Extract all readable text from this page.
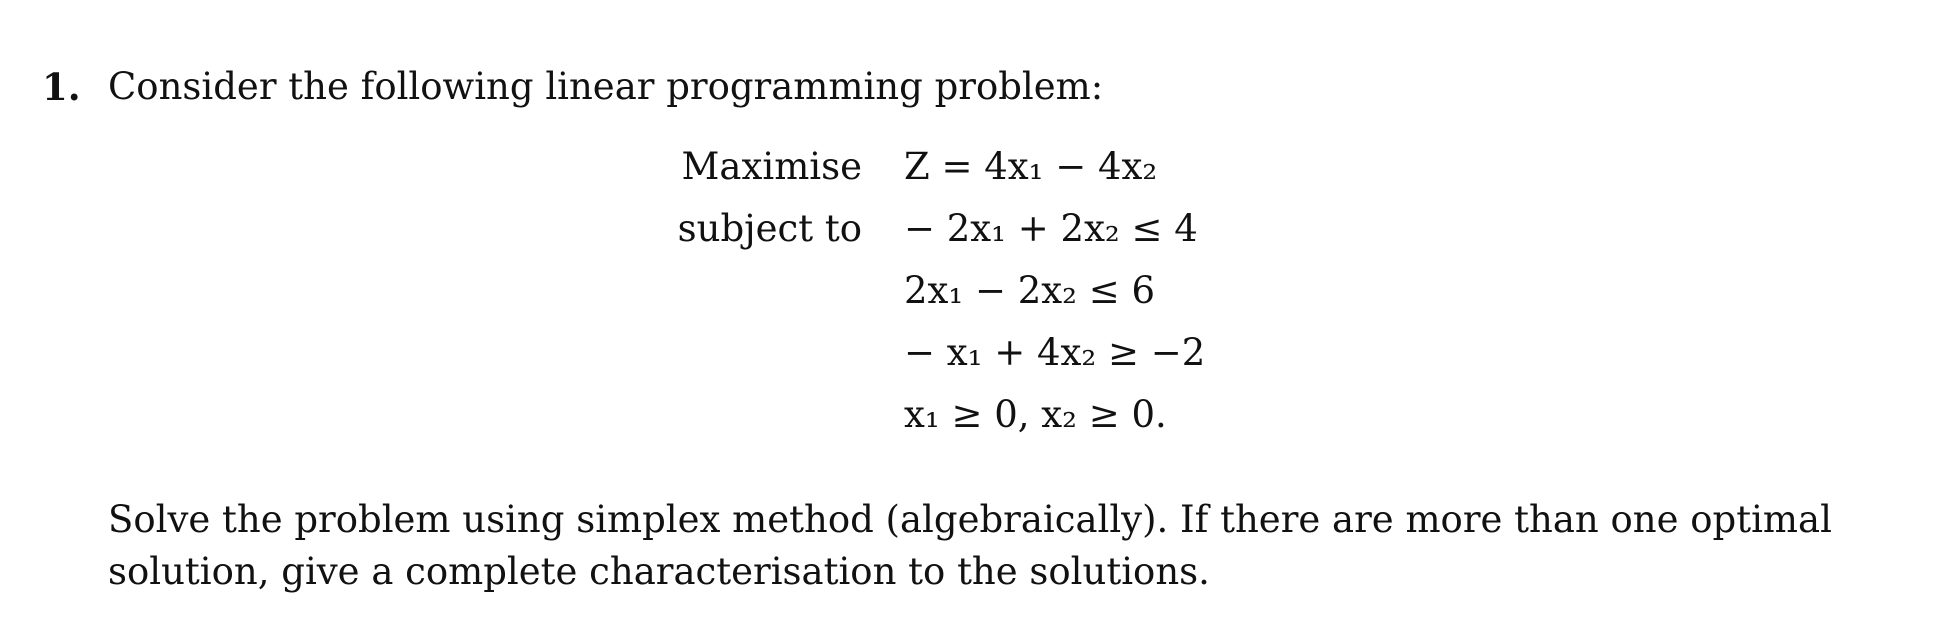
1. Consider the following linear programming problem:
Maximise	Z = 4x₁ − 4x₂
subject to	− 2x₁ + 2x₂ ≤ 4
2x₁ − 2x₂ ≤ 6
− x₁ + 4x₂ ≥ −2
x₁ ≥ 0, x₂ ≥ 0.
Solve the problem using simplex method (algebraically). If there are more than one optimal
solution, give a complete characterisation to the solutions.
